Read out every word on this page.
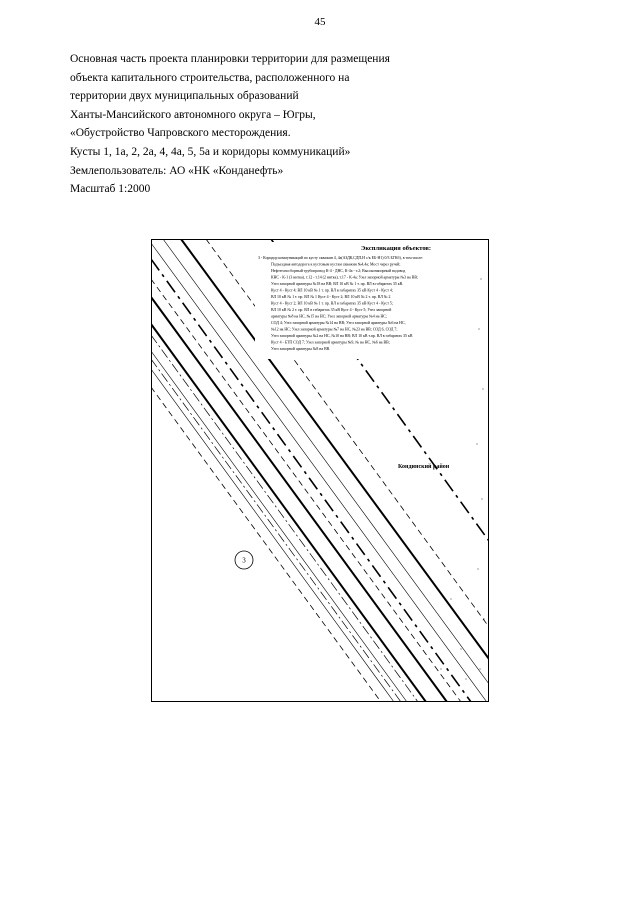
45
Основная часть проекта планировки территории для размещения
объекта капитального строительства, расположенного на
территории двух муниципальных образований
Ханты-Мансийского автономного округа – Югры,
«Обустройство Чапровского месторождения.
Кусты 1, 1а, 2, 2а, 4, 4а, 5, 5а и коридоры коммуникаций»
Землепользователь: АО «НК «Конданефть»
Масштаб 1:2000
Экспликация объектов:
3 - Коридор коммуникаций по кусту скважин 4, 4а(АЗДК,СДП,Н с/к ЕБ-Н1) 0/3 БГКб), в том числе:
Подъездная автодорога к кустовым кустам скважин №4,4а; Мост через ручей;
Нефтегазосборный трубопровод К-4 - ДНС, К-4а - т.2; Высоконапорный водовод
КНС - К-1 (3 нитка), т.12 - т.14 (2 нитка), т.17 - К-4а; Узел запорной арматуры №3 на ВВ;
Узел запорной арматуры №18 на ВВ; ВЛ 10 кВ № 1 т. пр. ВЛ в габаритах 35 кВ.
Куст 4 - Куст 4; ВЛ 10 кВ № 1 т. пр. ВЛ в габаритах 35 кВ Куст 4 - Куст 4;
ВЛ 10 кВ № 1 т. пр. ВЛ № 1 Куст 4 - Куст 2; ВЛ 10 кВ № 2 т. пр. ВЛ № 2
Куст 4 - Куст 2; ВЛ 10 кВ № 1 т. пр. ВЛ в габаритах 35 кВ Куст 4 - Куст 5;
ВЛ 10 кВ № 2 т. пр. ВЛ в габаритах 35 кВ Куст 4 - Куст 5; Узел запорной
арматуры №8 на НС, №15 на НС; Узел запорной арматуры №4 на НС;
СОД 4; Узел запорной арматуры №14 на ВВ; Узел запорной арматуры №6 на НС,
№12 на НС; Узел запорной арматуры №7 на НС, №23 на ВВ; СОД 6, СОД 7;
Узел запорной арматуры №2 на НС, №10 на ВВ; ВЛ 10 кВ т.пр. ВЛ в габаритах 35 кВ
Куст 4 - БТП СОД 7; Узел запорной арматуры №9, № на НС, №6 на ВВ;
Узел запорной арматуры №8 на ВВ.
Кондинский район
3
